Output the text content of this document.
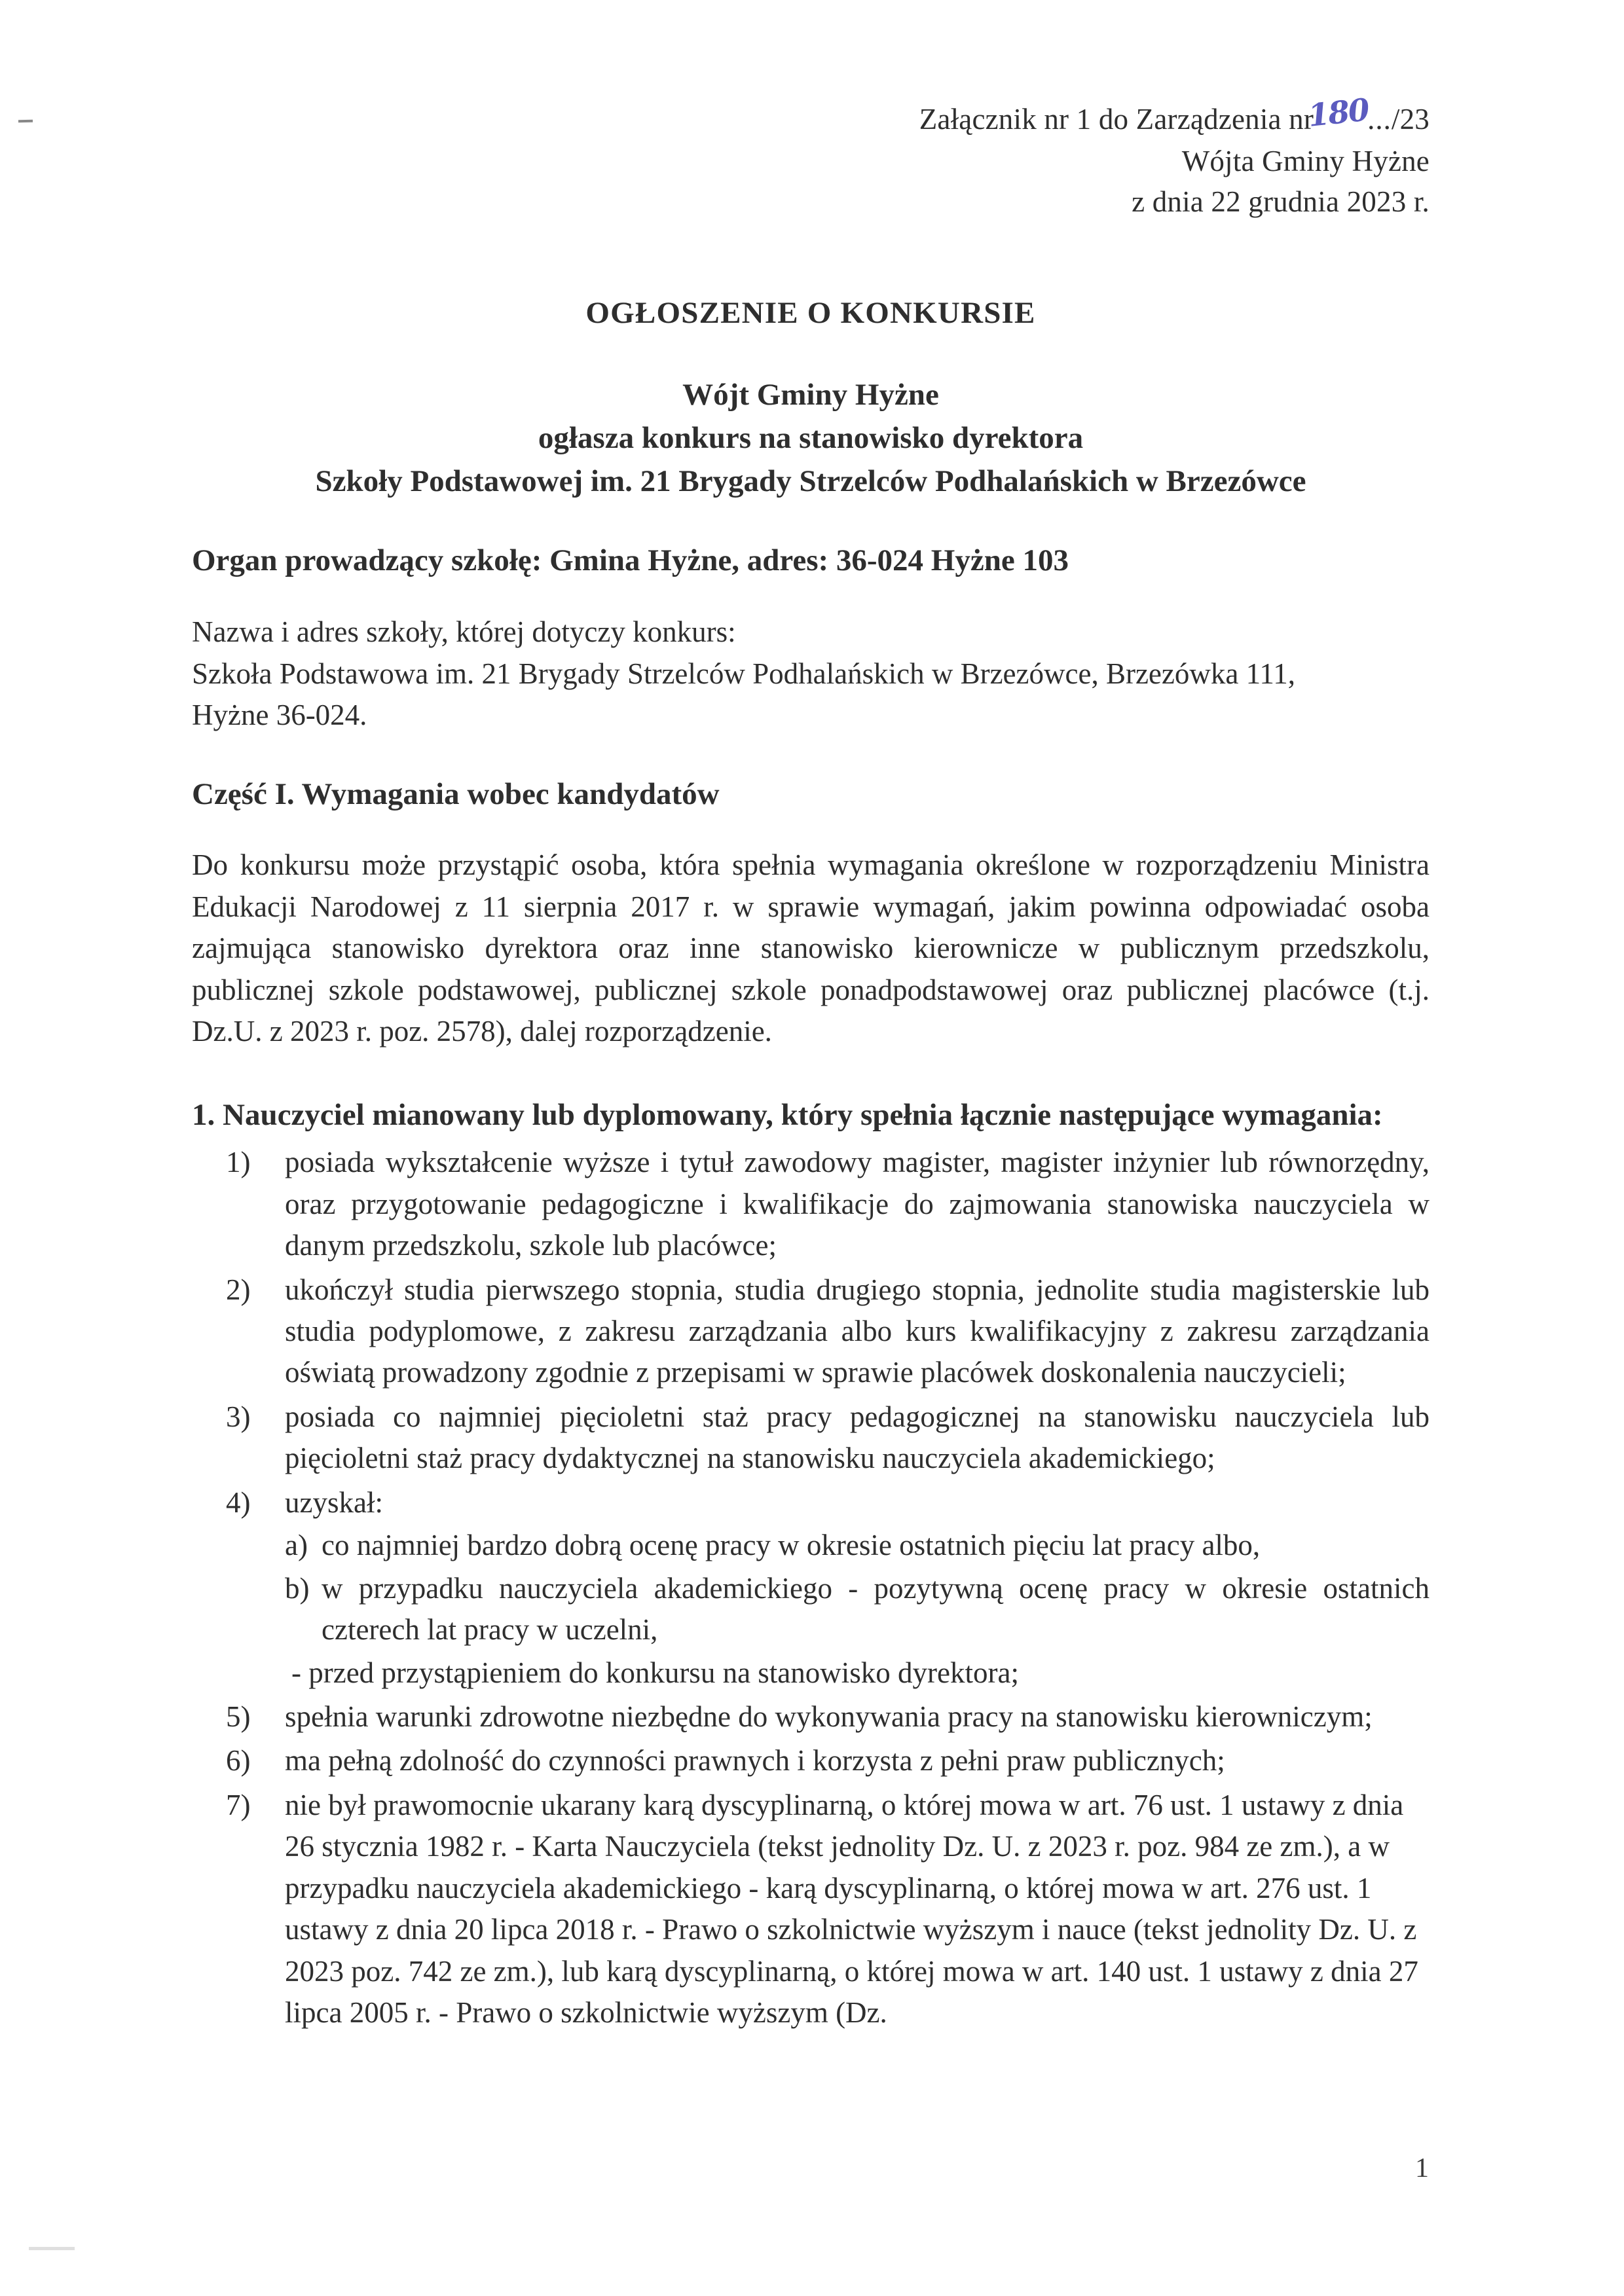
Załącznik nr 1 do Zarządzenia nr180.../23
Wójta Gminy Hyżne
z dnia 22 grudnia 2023 r.
OGŁOSZENIE O KONKURSIE
Wójt Gminy Hyżne
ogłasza konkurs na stanowisko dyrektora
Szkoły Podstawowej im. 21 Brygady Strzelców Podhalańskich w Brzezówce
Organ prowadzący szkołę: Gmina Hyżne, adres: 36-024 Hyżne 103
Nazwa i adres szkoły, której dotyczy konkurs:
Szkoła Podstawowa im. 21 Brygady Strzelców Podhalańskich w Brzezówce, Brzezówka 111,
Hyżne 36-024.
Część I. Wymagania wobec kandydatów
Do konkursu może przystąpić osoba, która spełnia wymagania określone w rozporządzeniu Ministra Edukacji Narodowej z 11 sierpnia 2017 r. w sprawie wymagań, jakim powinna odpowiadać osoba zajmująca stanowisko dyrektora oraz inne stanowisko kierownicze w publicznym przedszkolu, publicznej szkole podstawowej, publicznej szkole ponadpodstawowej oraz publicznej placówce (t.j. Dz.U. z 2023 r. poz. 2578), dalej rozporządzenie.
1. Nauczyciel mianowany lub dyplomowany, który spełnia łącznie następujące wymagania:
1)	posiada wykształcenie wyższe i tytuł zawodowy magister, magister inżynier lub równorzędny, oraz przygotowanie pedagogiczne i kwalifikacje do zajmowania stanowiska nauczyciela w danym przedszkolu, szkole lub placówce;
2)	ukończył studia pierwszego stopnia, studia drugiego stopnia, jednolite studia magisterskie lub studia podyplomowe, z zakresu zarządzania albo kurs kwalifikacyjny z zakresu zarządzania oświatą prowadzony zgodnie z przepisami w sprawie placówek doskonalenia nauczycieli;
3)	posiada co najmniej pięcioletni staż pracy pedagogicznej na stanowisku nauczyciela lub pięcioletni staż pracy dydaktycznej na stanowisku nauczyciela akademickiego;
4)	uzyskał:
a) co najmniej bardzo dobrą ocenę pracy w okresie ostatnich pięciu lat pracy albo,
b) w przypadku nauczyciela akademickiego - pozytywną ocenę pracy w okresie ostatnich czterech lat pracy w uczelni,
- przed przystąpieniem do konkursu na stanowisko dyrektora;
5)	spełnia warunki zdrowotne niezbędne do wykonywania pracy na stanowisku kierowniczym;
6)	ma pełną zdolność do czynności prawnych i korzysta z pełni praw publicznych;
7)	nie był prawomocnie ukarany karą dyscyplinarną, o której mowa w art. 76 ust. 1 ustawy z dnia 26 stycznia 1982 r. - Karta Nauczyciela (tekst jednolity Dz. U. z 2023 r. poz. 984 ze zm.), a w przypadku nauczyciela akademickiego - karą dyscyplinarną, o której mowa w art. 276 ust. 1 ustawy z dnia 20 lipca 2018 r. - Prawo o szkolnictwie wyższym i nauce (tekst jednolity Dz. U. z 2023 poz. 742 ze zm.), lub karą dyscyplinarną, o której mowa w art. 140 ust. 1 ustawy z dnia 27 lipca 2005 r. - Prawo o szkolnictwie wyższym (Dz.
1
